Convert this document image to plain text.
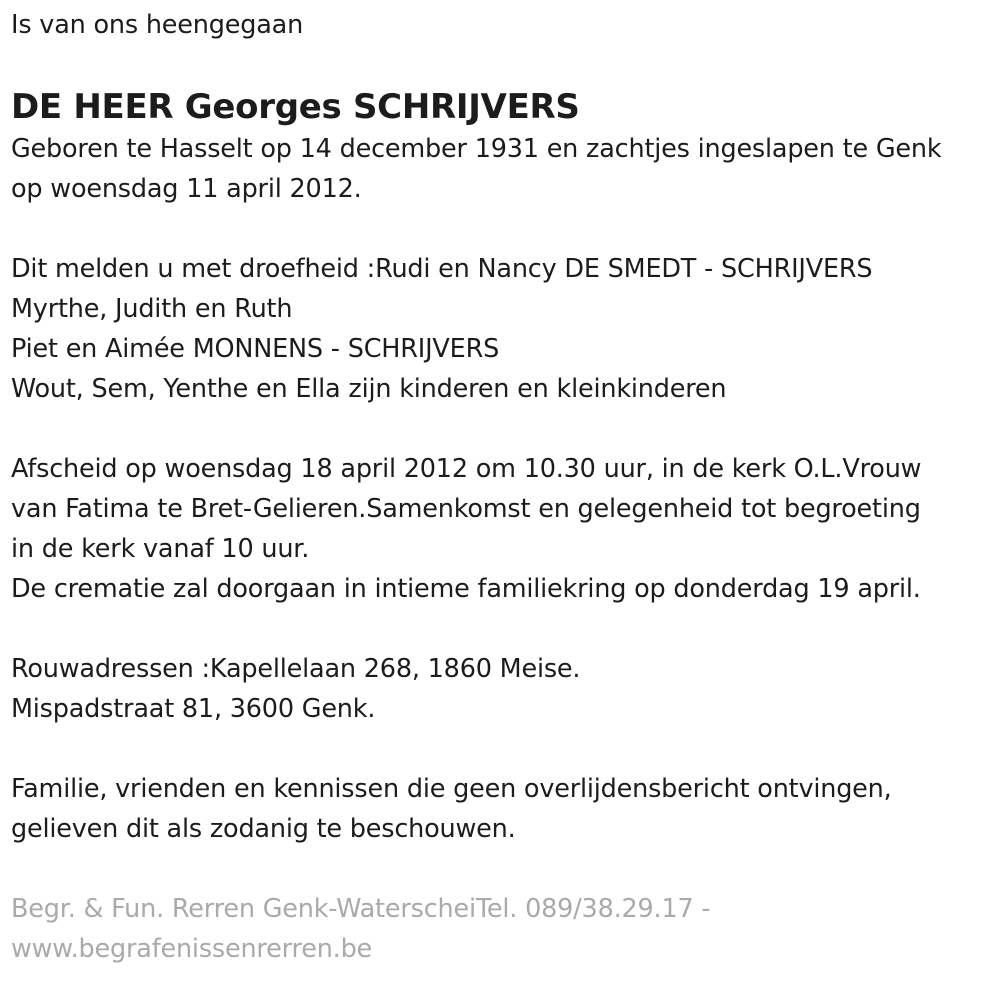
Is van ons heengegaan
DE HEER Georges SCHRIJVERS
Geboren te Hasselt op 14 december 1931 en zachtjes ingeslapen te Genk
op woensdag 11 april 2012.
Dit melden u met droefheid :Rudi en Nancy DE SMEDT - SCHRIJVERS
Myrthe, Judith en Ruth
Piet en Aimée MONNENS - SCHRIJVERS
Wout, Sem, Yenthe en Ella zijn kinderen en kleinkinderen
Afscheid op woensdag 18 april 2012 om 10.30 uur, in de kerk O.L.Vrouw
van Fatima te Bret-Gelieren.Samenkomst en gelegenheid tot begroeting
in de kerk vanaf 10 uur.
De crematie zal doorgaan in intieme familiekring op donderdag 19 april.
Rouwadressen :Kapellelaan 268, 1860 Meise.
Mispadstraat 81, 3600 Genk.
Familie, vrienden en kennissen die geen overlijdensbericht ontvingen,
gelieven dit als zodanig te beschouwen.
Begr. & Fun. Rerren Genk-WaterscheiTel. 089/38.29.17 -
www.begrafenissenrerren.be
